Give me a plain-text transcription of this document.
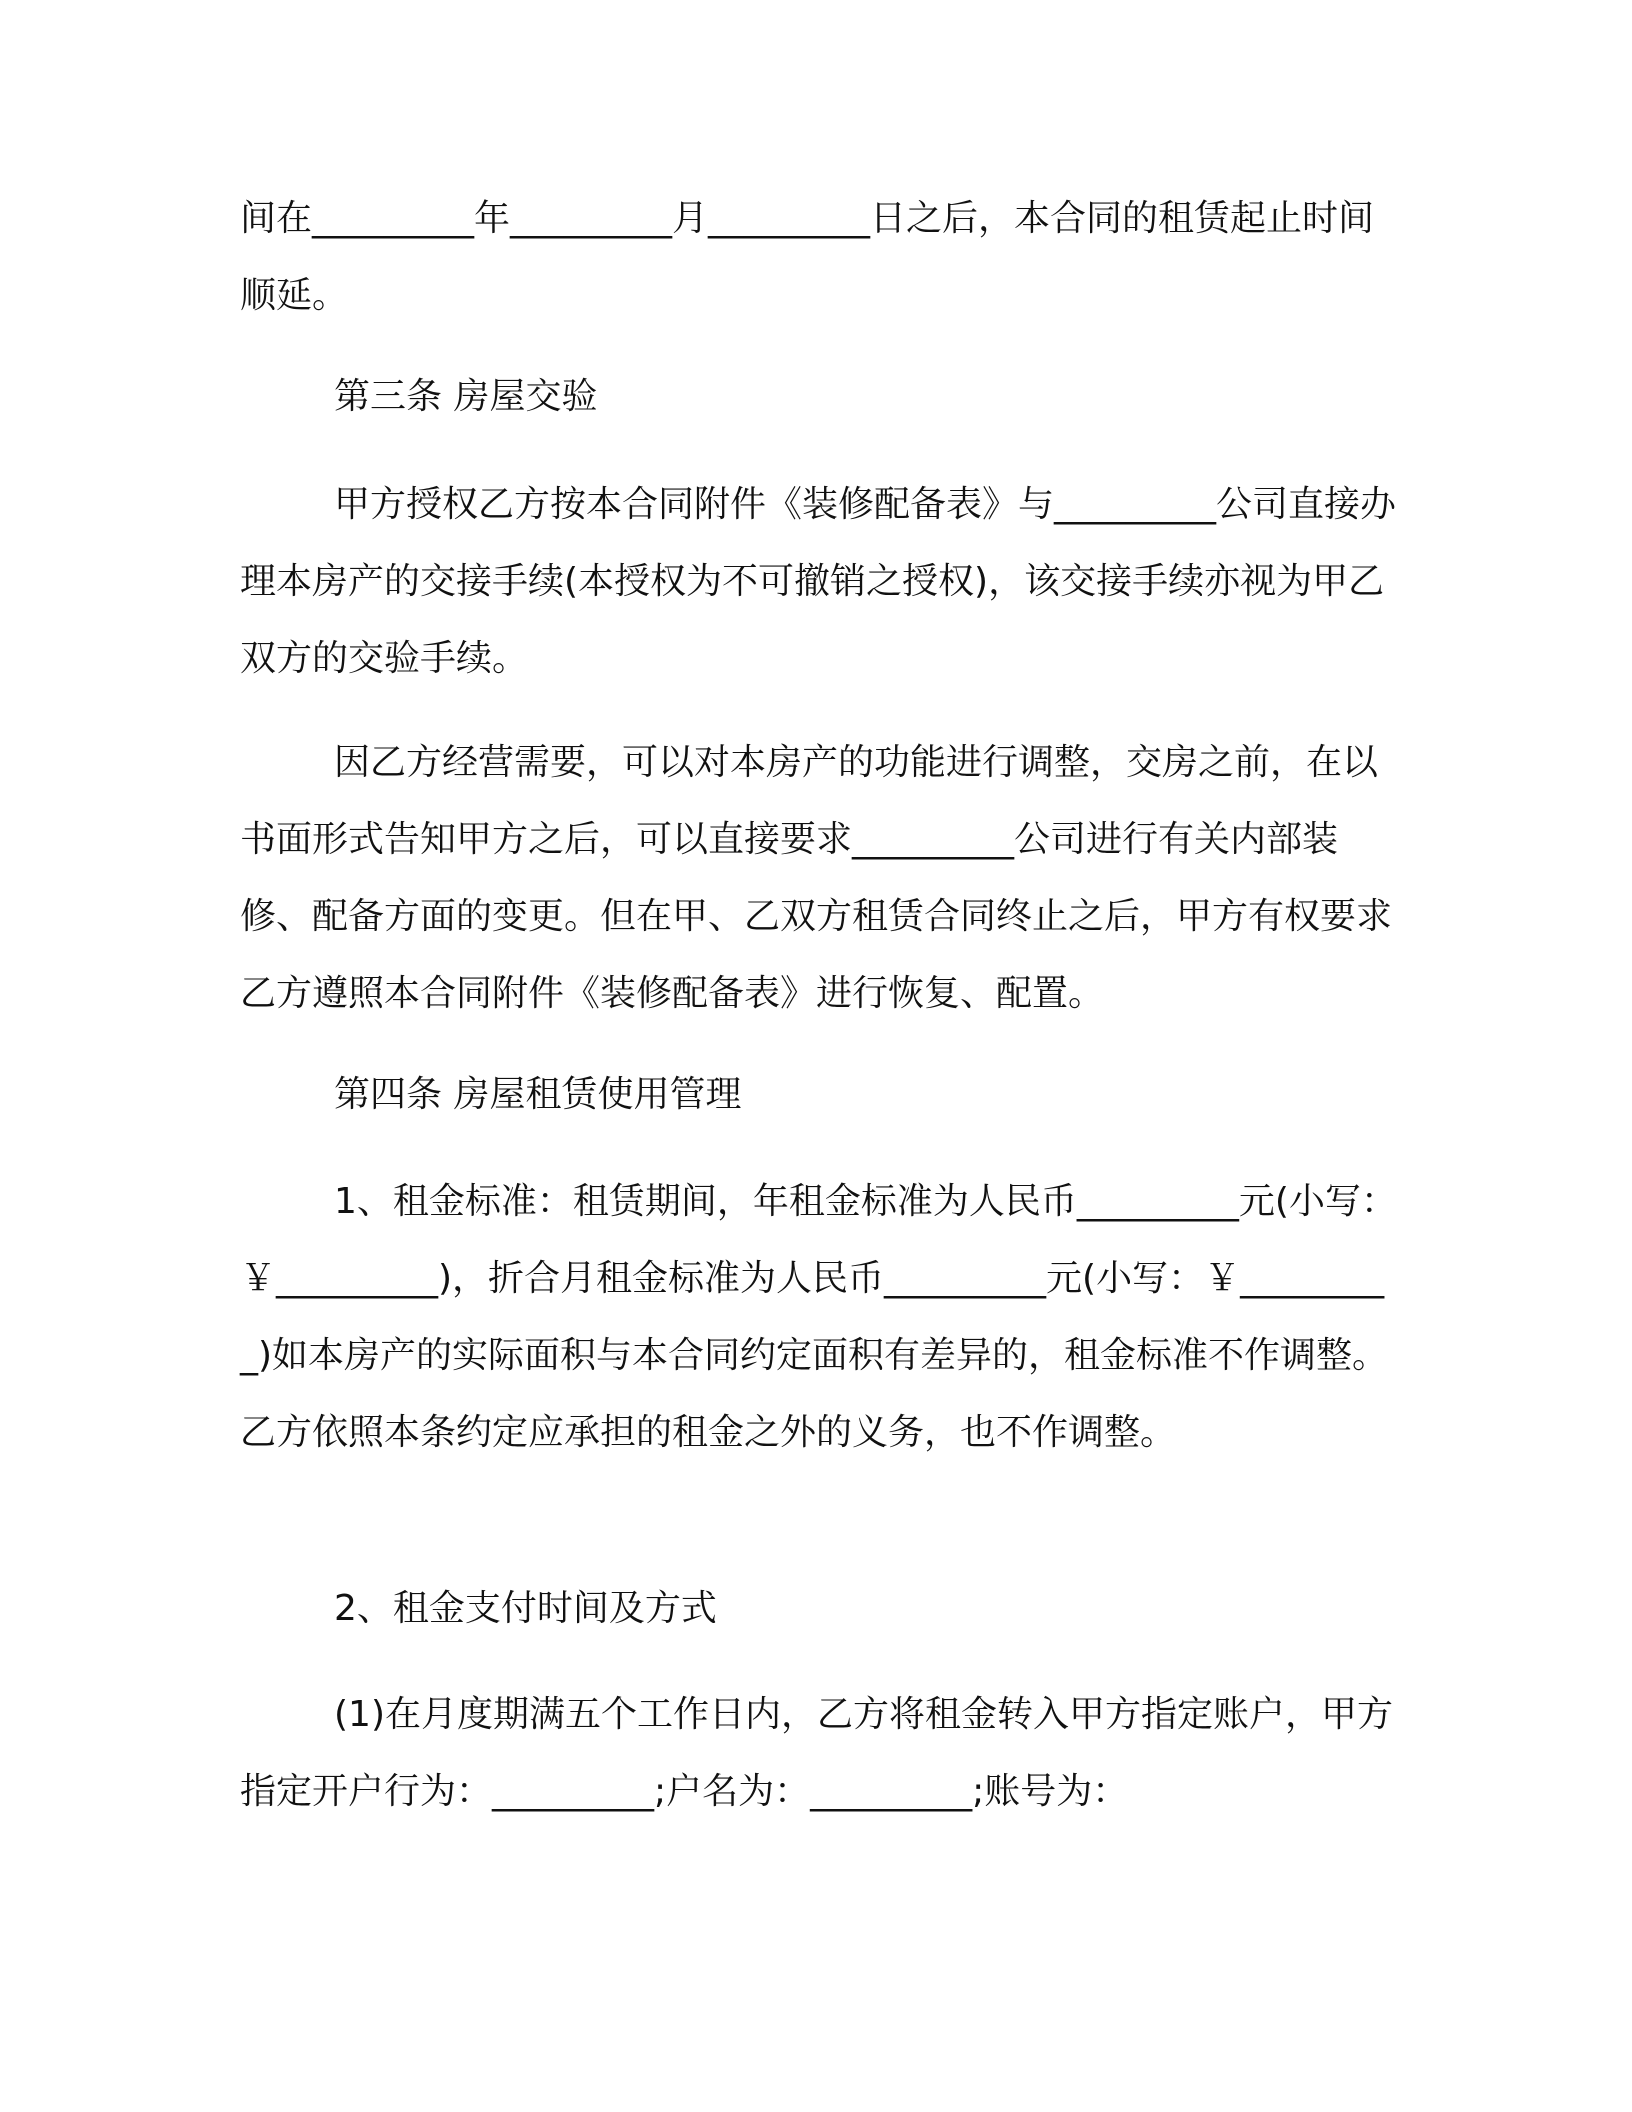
间在_________年_________月_________日之后，本合同的租赁起止时间顺延。

第三条 房屋交验

甲方授权乙方按本合同附件《装修配备表》与_________公司直接办理本房产的交接手续(本授权为不可撤销之授权)，该交接手续亦视为甲乙双方的交验手续。

因乙方经营需要，可以对本房产的功能进行调整，交房之前，在以书面形式告知甲方之后，可以直接要求_________公司进行有关内部装修、配备方面的变更。但在甲、乙双方租赁合同终止之后，甲方有权要求乙方遵照本合同附件《装修配备表》进行恢复、配置。

第四条 房屋租赁使用管理

1、租金标准：租赁期间，年租金标准为人民币_________元(小写：￥_________)，折合月租金标准为人民币_________元(小写：￥_________)如本房产的实际面积与本合同约定面积有差异的，租金标准不作调整。乙方依照本条约定应承担的租金之外的义务，也不作调整。

2、租金支付时间及方式

(1)在月度期满五个工作日内，乙方将租金转入甲方指定账户，甲方指定开户行为：_________;户名为：_________;账号为：
